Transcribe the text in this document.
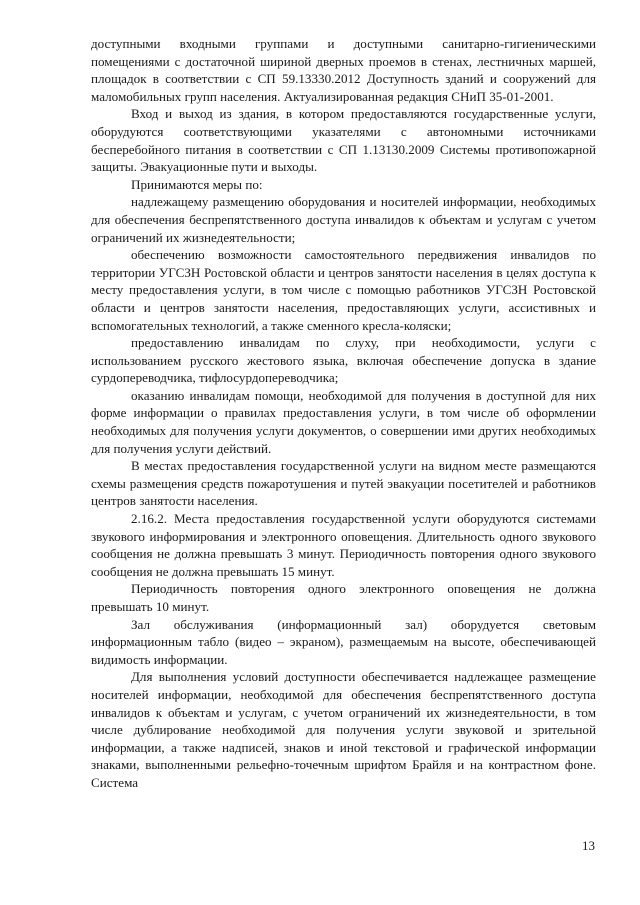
доступными входными группами и доступными санитарно-гигиеническими помещениями с достаточной шириной дверных проемов в стенах, лестничных маршей, площадок в соответствии с СП 59.13330.2012 Доступность зданий и сооружений для маломобильных групп населения. Актуализированная редакция СНиП 35-01-2001.

Вход и выход из здания, в котором предоставляются государственные услуги, оборудуются соответствующими указателями с автономными источниками бесперебойного питания в соответствии с СП 1.13130.2009 Системы противопожарной защиты. Эвакуационные пути и выходы.

Принимаются меры по:

надлежащему размещению оборудования и носителей информации, необходимых для обеспечения беспрепятственного доступа инвалидов к объектам и услугам с учетом ограничений их жизнедеятельности;

обеспечению возможности самостоятельного передвижения инвалидов по территории УГСЗН Ростовской области и центров занятости населения в целях доступа к месту предоставления услуги, в том числе с помощью работников УГСЗН Ростовской области и центров занятости населения, предоставляющих услуги, ассистивных и вспомогательных технологий, а также сменного кресла-коляски;

предоставлению инвалидам по слуху, при необходимости, услуги с использованием русского жестового языка, включая обеспечение допуска в здание сурдопереводчика, тифлосурдопереводчика;

оказанию инвалидам помощи, необходимой для получения в доступной для них форме информации о правилах предоставления услуги, в том числе об оформлении необходимых для получения услуги документов, о совершении ими других необходимых для получения услуги действий.

В местах предоставления государственной услуги на видном месте размещаются схемы размещения средств пожаротушения и путей эвакуации посетителей и работников центров занятости населения.

2.16.2. Места предоставления государственной услуги оборудуются системами звукового информирования и электронного оповещения. Длительность одного звукового сообщения не должна превышать 3 минут. Периодичность повторения одного звукового сообщения не должна превышать 15 минут.

Периодичность повторения одного электронного оповещения не должна превышать 10 минут.

Зал обслуживания (информационный зал) оборудуется световым информационным табло (видео – экраном), размещаемым на высоте, обеспечивающей видимость информации.

Для выполнения условий доступности обеспечивается надлежащее размещение носителей информации, необходимой для обеспечения беспрепятственного доступа инвалидов к объектам и услугам, с учетом ограничений их жизнедеятельности, в том числе дублирование необходимой для получения услуги звуковой и зрительной информации, а также надписей, знаков и иной текстовой и графической информации знаками, выполненными рельефно-точечным шрифтом Брайля и на контрастном фоне. Система

13
